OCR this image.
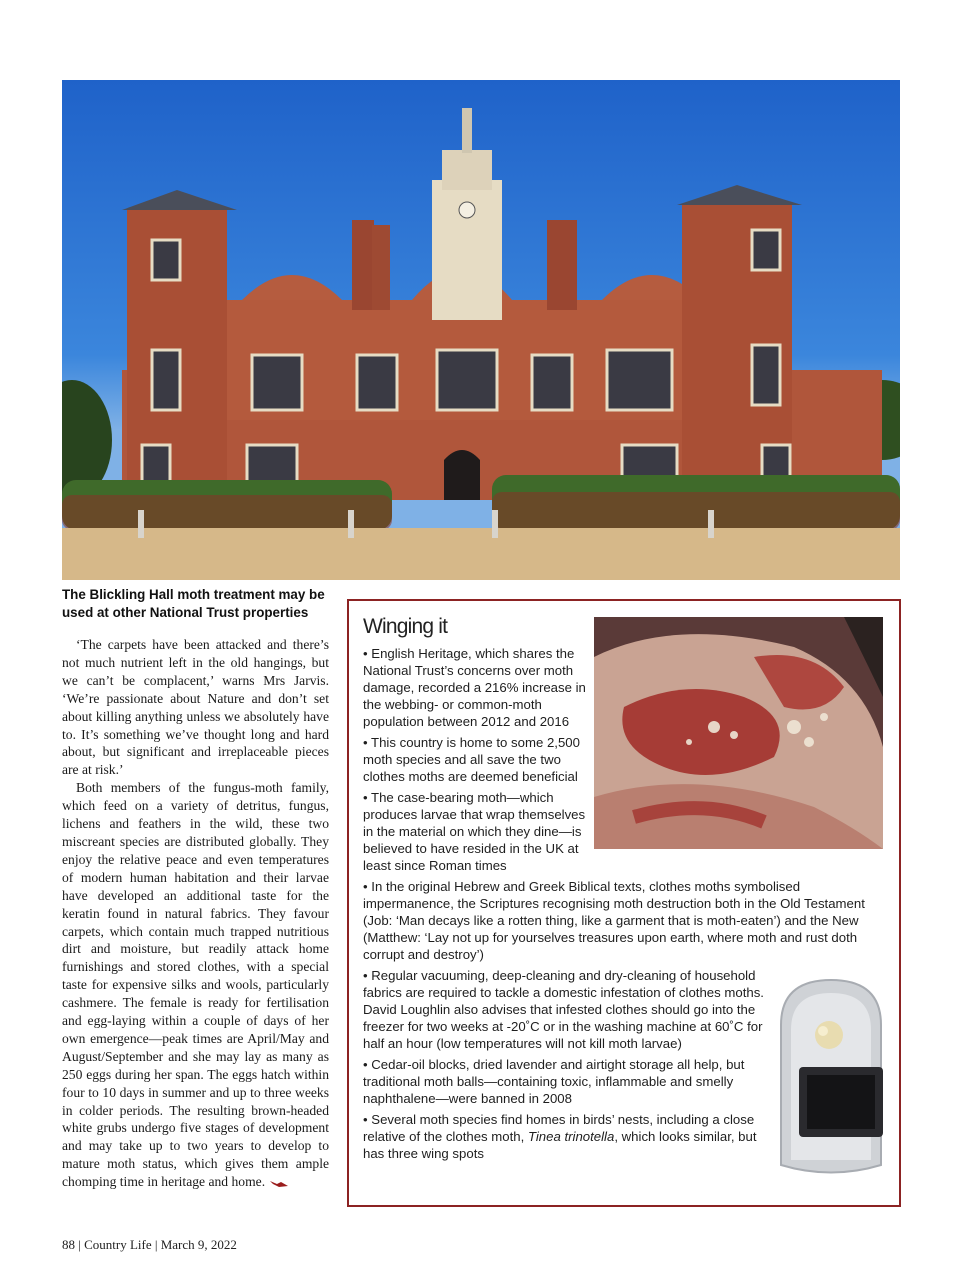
The Blickling Hall moth treatment may be
used at other National Trust properties

‘The carpets have been attacked and there’s not much nutrient left in the old hangings, but we can’t be complacent,’ warns Mrs Jarvis. ‘We’re passionate about Nature and don’t set about killing anything unless we absolutely have to. It’s something we’ve thought long and hard about, but significant and irreplaceable pieces are at risk.’

Both members of the fungus-moth family, which feed on a variety of detritus, fungus, lichens and feathers in the wild, these two miscreant species are distributed globally. They enjoy the relative peace and even temperatures of modern human habitation and their larvae have developed an additional taste for the keratin found in natural fabrics. They favour carpets, which contain much trapped nutritious dirt and moisture, but readily attack home furnishings and stored clothes, with a special taste for expensive silks and wools, particularly cashmere. The female is ready for fertilisation and egg-laying within a couple of days of her own emergence—peak times are April/May and August/September and she may lay as many as 250 eggs during her span. The eggs hatch within four to 10 days in summer and up to three weeks in colder periods. The resulting brown-headed white grubs undergo five stages of development and may take up to two years to develop to mature moth status, which gives them ample chomping time in heritage and home.

Winging it

• English Heritage, which shares the National Trust’s concerns over moth damage, recorded a 216% increase in the webbing- or common-moth population between 2012 and 2016

• This country is home to some 2,500 moth species and all save the two clothes moths are deemed beneficial

• The case-bearing moth—which produces larvae that wrap themselves in the material on which they dine—is believed to have resided in the UK at least since Roman times

• In the original Hebrew and Greek Biblical texts, clothes moths symbolised impermanence, the Scriptures recognising moth destruction both in the Old Testament (Job: ‘Man decays like a rotten thing, like a garment that is moth-eaten’) and the New (Matthew: ‘Lay not up for yourselves treasures upon earth, where moth and rust doth corrupt and destroy’)

• Regular vacuuming, deep-cleaning and dry-cleaning of household fabrics are required to tackle a domestic infestation of clothes moths. David Loughlin also advises that infested clothes should go into the freezer for two weeks at -20˚C or in the washing machine at 60˚C for half an hour (low temperatures will not kill moth larvae)

• Cedar-oil blocks, dried lavender and airtight storage all help, but traditional moth balls—containing toxic, inflammable and smelly naphthalene—were banned in 2008

• Several moth species find homes in birds’ nests, including a close relative of the clothes moth, Tinea trinotella, which looks similar, but has three wing spots

88 | Country Life | March 9, 2022
